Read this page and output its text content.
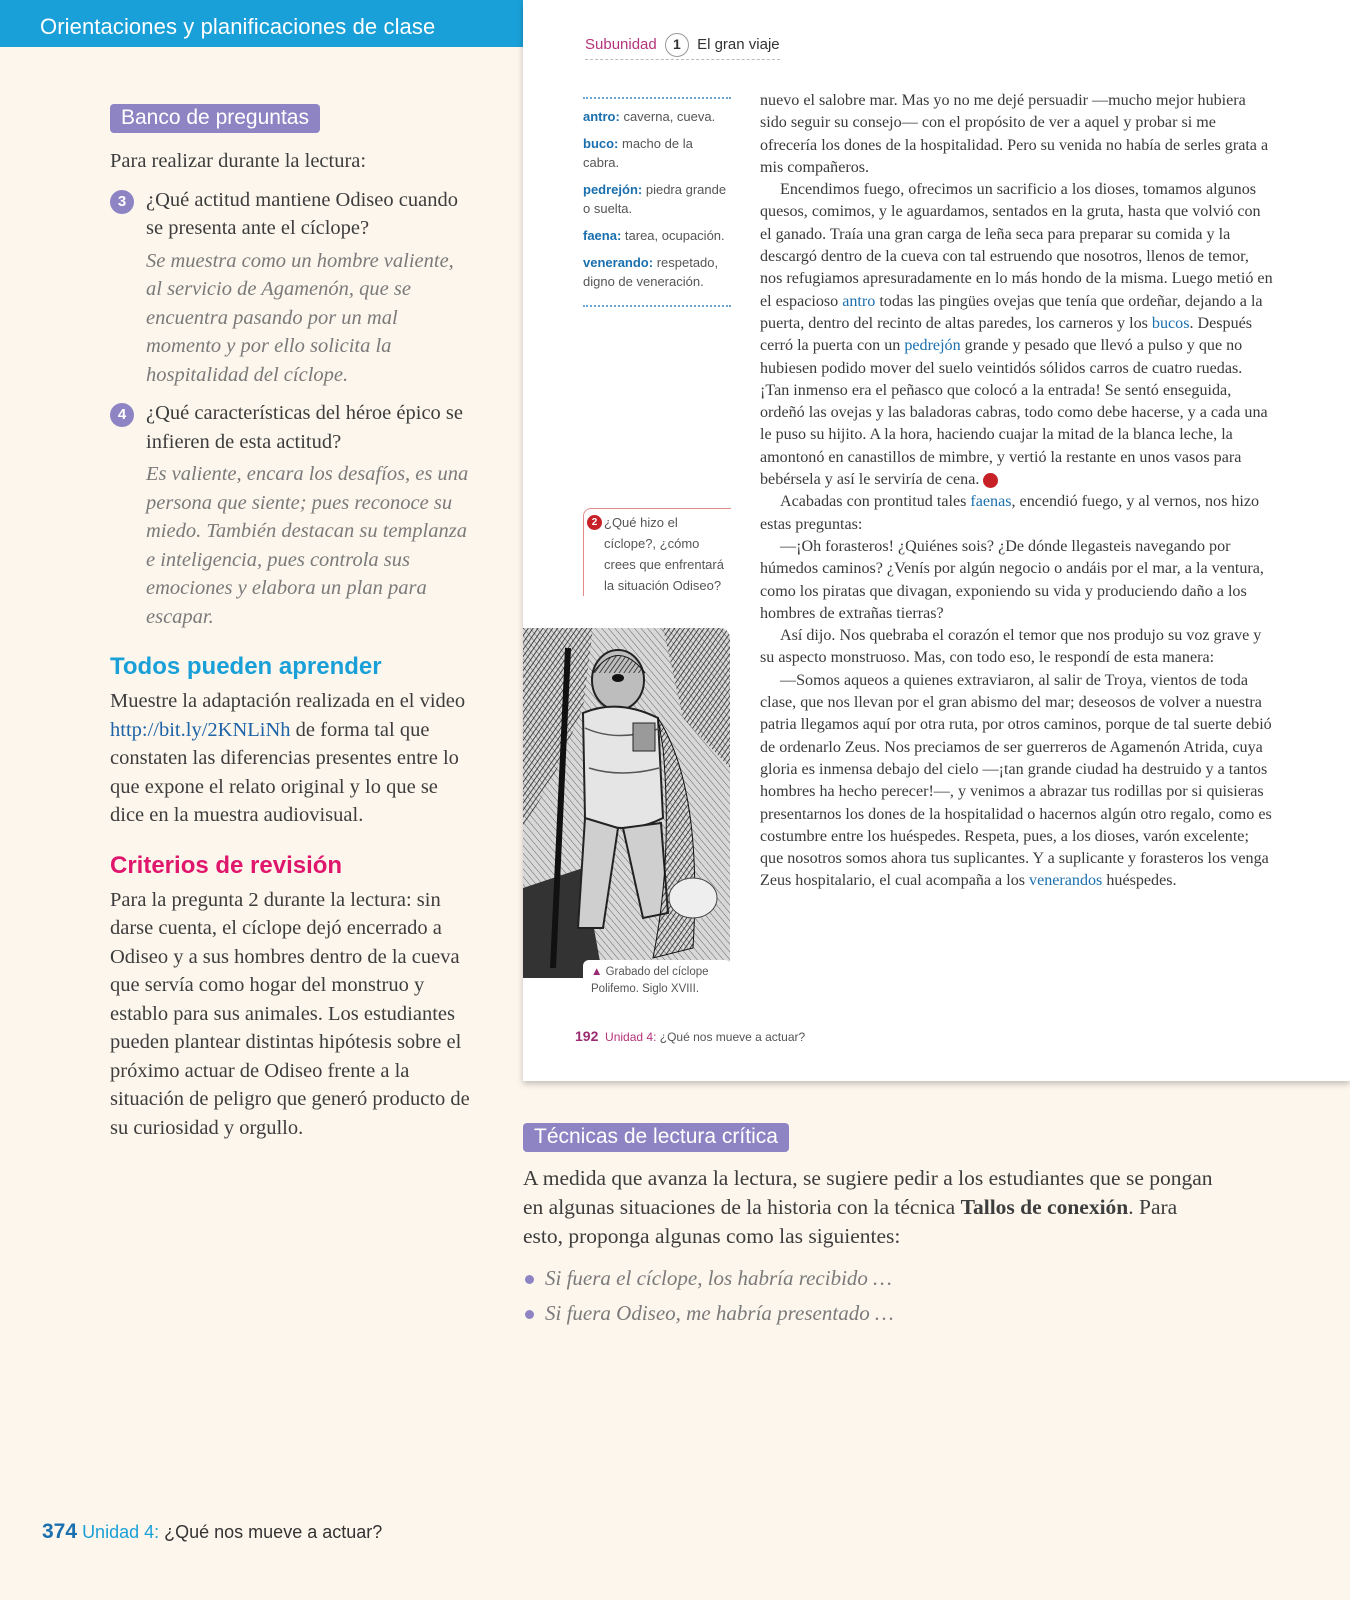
Orientaciones y planificaciones de clase
Banco de preguntas
Para realizar durante la lectura:
3 ¿Qué actitud mantiene Odiseo cuando se presenta ante el cíclope?
Se muestra como un hombre valiente, al servicio de Agamenón, que se encuentra pasando por un mal momento y por ello solicita la hospitalidad del cíclope.
4 ¿Qué características del héroe épico se infieren de esta actitud?
Es valiente, encara los desafíos, es una persona que siente; pues reconoce su miedo. También destacan su templanza e inteligencia, pues controla sus emociones y elabora un plan para escapar.
Todos pueden aprender
Muestre la adaptación realizada en el video http://bit.ly/2KNLiNh de forma tal que constaten las diferencias presentes entre lo que expone el relato original y lo que se dice en la muestra audiovisual.
Criterios de revisión
Para la pregunta 2 durante la lectura: sin darse cuenta, el cíclope dejó encerrado a Odiseo y a sus hombres dentro de la cueva que servía como hogar del monstruo y establo para sus animales. Los estudiantes pueden plantear distintas hipótesis sobre el próximo actuar de Odiseo frente a la situación de peligro que generó producto de su curiosidad y orgullo.
Subunidad 1 El gran viaje
antro: caverna, cueva.
buco: macho de la cabra.
pedrejón: piedra grande o suelta.
faena: tarea, ocupación.
venerando: respetado, digno de veneración.
2 ¿Qué hizo el cíclope?, ¿cómo crees que enfrentará la situación Odiseo?
▲ Grabado del cíclope Polifemo. Siglo XVIII.

nuevo el salobre mar. Mas yo no me dejé persuadir —mucho mejor hubiera sido seguir su consejo— con el propósito de ver a aquel y probar si me ofrecería los dones de la hospitalidad. Pero su venida no había de serles grata a mis compañeros.

Encendimos fuego, ofrecimos un sacrificio a los dioses, tomamos algunos quesos, comimos, y le aguardamos, sentados en la gruta, hasta que volvió con el ganado. Traía una gran carga de leña seca para preparar su comida y la descargó dentro de la cueva con tal estruendo que nosotros, llenos de temor, nos refugiamos apresuradamente en lo más hondo de la misma. Luego metió en el espacioso antro todas las pingües ovejas que tenía que ordeñar, dejando a la puerta, dentro del recinto de altas paredes, los carneros y los bucos. Después cerró la puerta con un pedrejón grande y pesado que llevó a pulso y que no hubiesen podido mover del suelo veintidós sólidos carros de cuatro ruedas. ¡Tan inmenso era el peñasco que colocó a la entrada! Se sentó enseguida, ordeñó las ovejas y las baladoras cabras, todo como debe hacerse, y a cada una le puso su hijito. A la hora, haciendo cuajar la mitad de la blanca leche, la amontonó en canastillos de mimbre, y vertió la restante en unos vasos para bebérsela y así le serviría de cena. 2

Acabadas con prontitud tales faenas, encendió fuego, y al vernos, nos hizo estas preguntas:

—¡Oh forasteros! ¿Quiénes sois? ¿De dónde llegasteis navegando por húmedos caminos? ¿Venís por algún negocio o andáis por el mar, a la ventura, como los piratas que divagan, exponiendo su vida y produciendo daño a los hombres de extrañas tierras?

Así dijo. Nos quebraba el corazón el temor que nos produjo su voz grave y su aspecto monstruoso. Mas, con todo eso, le respondí de esta manera:

—Somos aqueos a quienes extraviaron, al salir de Troya, vientos de toda clase, que nos llevan por el gran abismo del mar; deseosos de volver a nuestra patria llegamos aquí por otra ruta, por otros caminos, porque de tal suerte debió de ordenarlo Zeus. Nos preciamos de ser guerreros de Agamenón Atrida, cuya gloria es inmensa debajo del cielo —¡tan grande ciudad ha destruido y a tantos hombres ha hecho perecer!—, y venimos a abrazar tus rodillas por si quisieras presentarnos los dones de la hospitalidad o hacernos algún otro regalo, como es costumbre entre los huéspedes. Respeta, pues, a los dioses, varón excelente; que nosotros somos ahora tus suplicantes. Y a suplicante y forasteros los venga Zeus hospitalario, el cual acompaña a los venerandos huéspedes.

192 Unidad 4: ¿Qué nos mueve a actuar?
Técnicas de lectura crítica
A medida que avanza la lectura, se sugiere pedir a los estudiantes que se pongan en algunas situaciones de la historia con la técnica Tallos de conexión. Para esto, proponga algunas como las siguientes:
Si fuera el cíclope, los habría recibido …
Si fuera Odiseo, me habría presentado …
374 Unidad 4: ¿Qué nos mueve a actuar?
